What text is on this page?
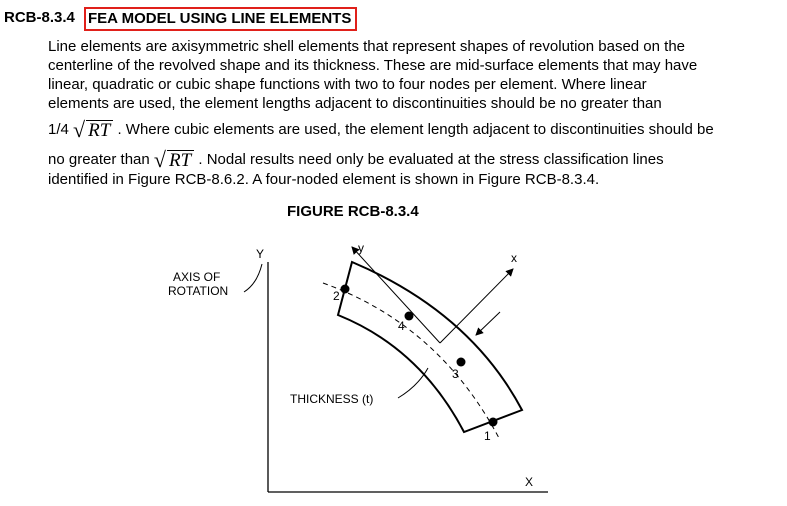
RCB-8.3.4 FEA MODEL USING LINE ELEMENTS
Line elements are axisymmetric shell elements that represent shapes of revolution based on the
centerline of the revolved shape and its thickness. These are mid-surface elements that may have
linear, quadratic or cubic shape functions with two to four nodes per element. Where linear
elements are used, the element lengths adjacent to discontinuities should be no greater than
1/4 √ RT . Where cubic elements are used, the element length adjacent to discontinuities should be
no greater than √ RT . Nodal results need only be evaluated at the stress classification lines
identified in Figure RCB-8.6.2. A four-noded element is shown in Figure RCB-8.3.4.
FIGURE RCB-8.3.4
Y
X
AXIS OF
ROTATION
y
x
THICKNESS (t)
1
2
3
4
